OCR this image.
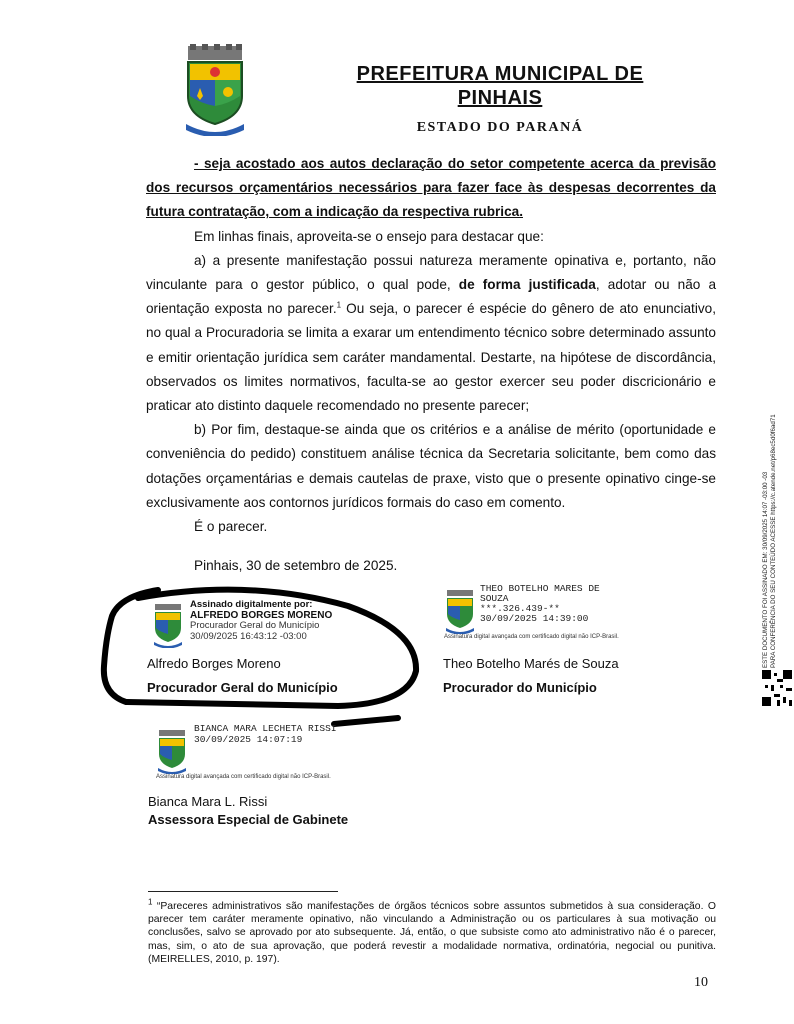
PREFEITURA MUNICIPAL DE
PINHAIS
ESTADO DO PARANÁ

- seja acostado aos autos declaração do setor competente acerca da previsão dos recursos orçamentários necessários para fazer face às despesas decorrentes da futura contratação, com a indicação da respectiva rubrica.

Em linhas finais, aproveita-se o ensejo para destacar que:

a) a presente manifestação possui natureza meramente opinativa e, portanto, não vinculante para o gestor público, o qual pode, de forma justificada, adotar ou não a orientação exposta no parecer.$^1$ Ou seja, o parecer é espécie do gênero de ato enunciativo, no qual a Procuradoria se limita a exarar um entendimento técnico sobre determinado assunto e emitir orientação jurídica sem caráter mandamental. Destarte, na hipótese de discordância, observados os limites normativos, faculta-se ao gestor exercer seu poder discricionário e praticar ato distinto daquele recomendado no presente parecer;

b) Por fim, destaque-se ainda que os critérios e a análise de mérito (oportunidade e conveniência do pedido) constituem análise técnica da Secretaria solicitante, bem como das dotações orçamentárias e demais cautelas de praxe, visto que o presente opinativo cinge-se exclusivamente aos contornos jurídicos formais do caso em comento.

É o parecer.

Pinhais, 30 de setembro de 2025.
Assinado digitalmente por:
ALFREDO BORGES MORENO
Procurador Geral do Município
30/09/2025 16:43:12 -03:00
Alfredo Borges Moreno
Procurador Geral do Município
THEO BOTELHO MARES DE SOUZA
***.326.439-**
30/09/2025 14:39:00
Assinatura digital avançada com certificado digital não ICP-Brasil.
Theo Botelho Marés de Souza
Procurador do Município
BIANCA MARA LECHETA RISSI
30/09/2025 14:07:19
Assinatura digital avançada com certificado digital não ICP-Brasil.
Bianca Mara L. Rissi
Assessora Especial de Gabinete
ESTE DOCUMENTO FOI ASSINADO EM: 30/09/2025 14:07 -03:00 -03 PARA CONFERÊNCIA DO SEU CONTEÚDO ACESSE https://c.atende.net/p68ec5d0f6ad71
$^1$ “Pareceres administrativos são manifestações de órgãos técnicos sobre assuntos submetidos à sua consideração. O parecer tem caráter meramente opinativo, não vinculando a Administração ou os particulares à sua motivação ou conclusões, salvo se aprovado por ato subsequente. Já, então, o que subsiste como ato administrativo não é o parecer, mas, sim, o ato de sua aprovação, que poderá revestir a modalidade normativa, ordinatória, negocial ou punitiva. (MEIRELLES, 2010, p. 197).
10
